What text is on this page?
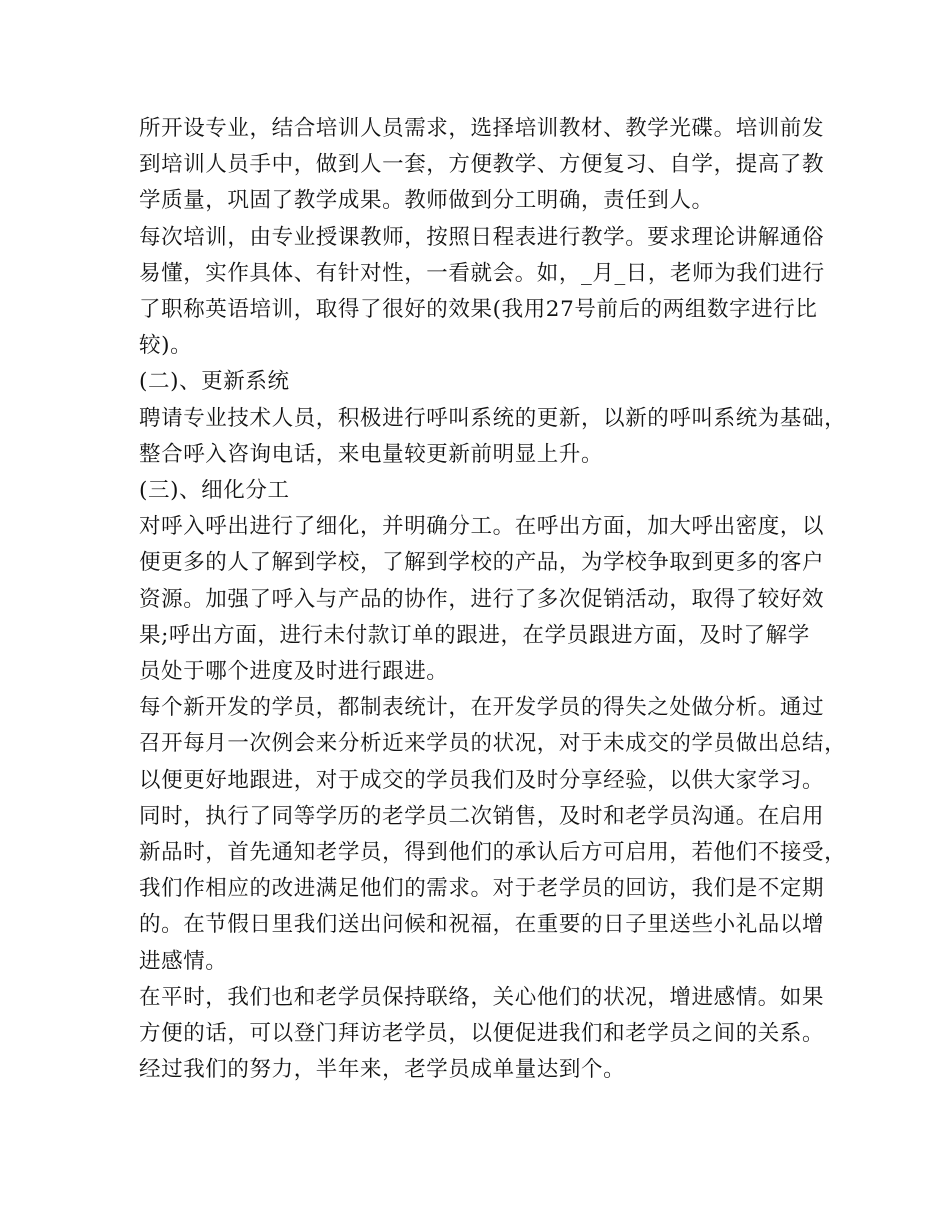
所开设专业，结合培训人员需求，选择培训教材、教学光碟。培训前发
到培训人员手中，做到人一套，方便教学、方便复习、自学，提高了教
学质量，巩固了教学成果。教师做到分工明确，责任到人。

每次培训，由专业授课教师，按照日程表进行教学。要求理论讲解通俗
易懂，实作具体、有针对性，一看就会。如，_月_日，老师为我们进行
了职称英语培训，取得了很好的效果(我用27号前后的两组数字进行比
较)。

(二)、更新系统

聘请专业技术人员，积极进行呼叫系统的更新，以新的呼叫系统为基础，
整合呼入咨询电话，来电量较更新前明显上升。

(三)、细化分工

对呼入呼出进行了细化，并明确分工。在呼出方面，加大呼出密度，以
便更多的人了解到学校，了解到学校的产品，为学校争取到更多的客户
资源。加强了呼入与产品的协作，进行了多次促销活动，取得了较好效
果;呼出方面，进行未付款订单的跟进，在学员跟进方面，及时了解学
员处于哪个进度及时进行跟进。

每个新开发的学员，都制表统计，在开发学员的得失之处做分析。通过
召开每月一次例会来分析近来学员的状况，对于未成交的学员做出总结，
以便更好地跟进，对于成交的学员我们及时分享经验，以供大家学习。

同时，执行了同等学历的老学员二次销售，及时和老学员沟通。在启用
新品时，首先通知老学员，得到他们的承认后方可启用，若他们不接受，
我们作相应的改进满足他们的需求。对于老学员的回访，我们是不定期
的。在节假日里我们送出问候和祝福，在重要的日子里送些小礼品以增
进感情。

在平时，我们也和老学员保持联络，关心他们的状况，增进感情。如果
方便的话，可以登门拜访老学员，以便促进我们和老学员之间的关系。

经过我们的努力，半年来，老学员成单量达到个。
